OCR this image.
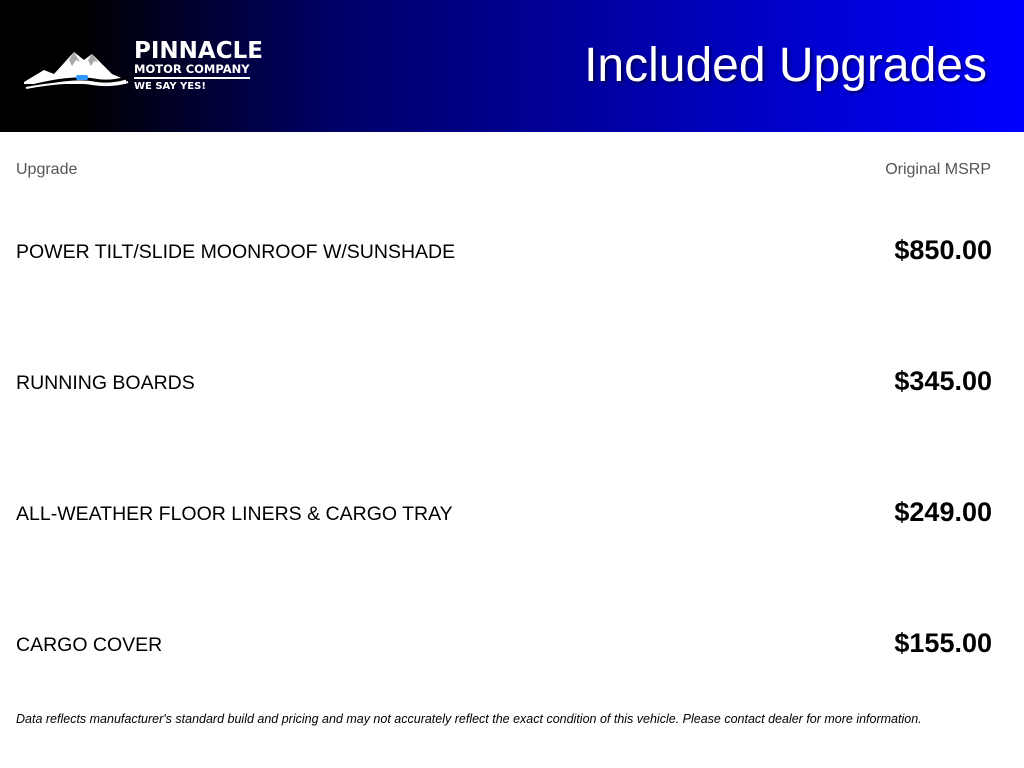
PINNACLE
MOTOR COMPANY
WE SAY YES!	Included Upgrades
Upgrade	Original MSRP
POWER TILT/SLIDE MOONROOF W/SUNSHADE	$850.00
RUNNING BOARDS	$345.00
ALL-WEATHER FLOOR LINERS & CARGO TRAY	$249.00
CARGO COVER	$155.00
Data reflects manufacturer's standard build and pricing and may not accurately reflect the exact condition of this vehicle. Please contact dealer for more information.
